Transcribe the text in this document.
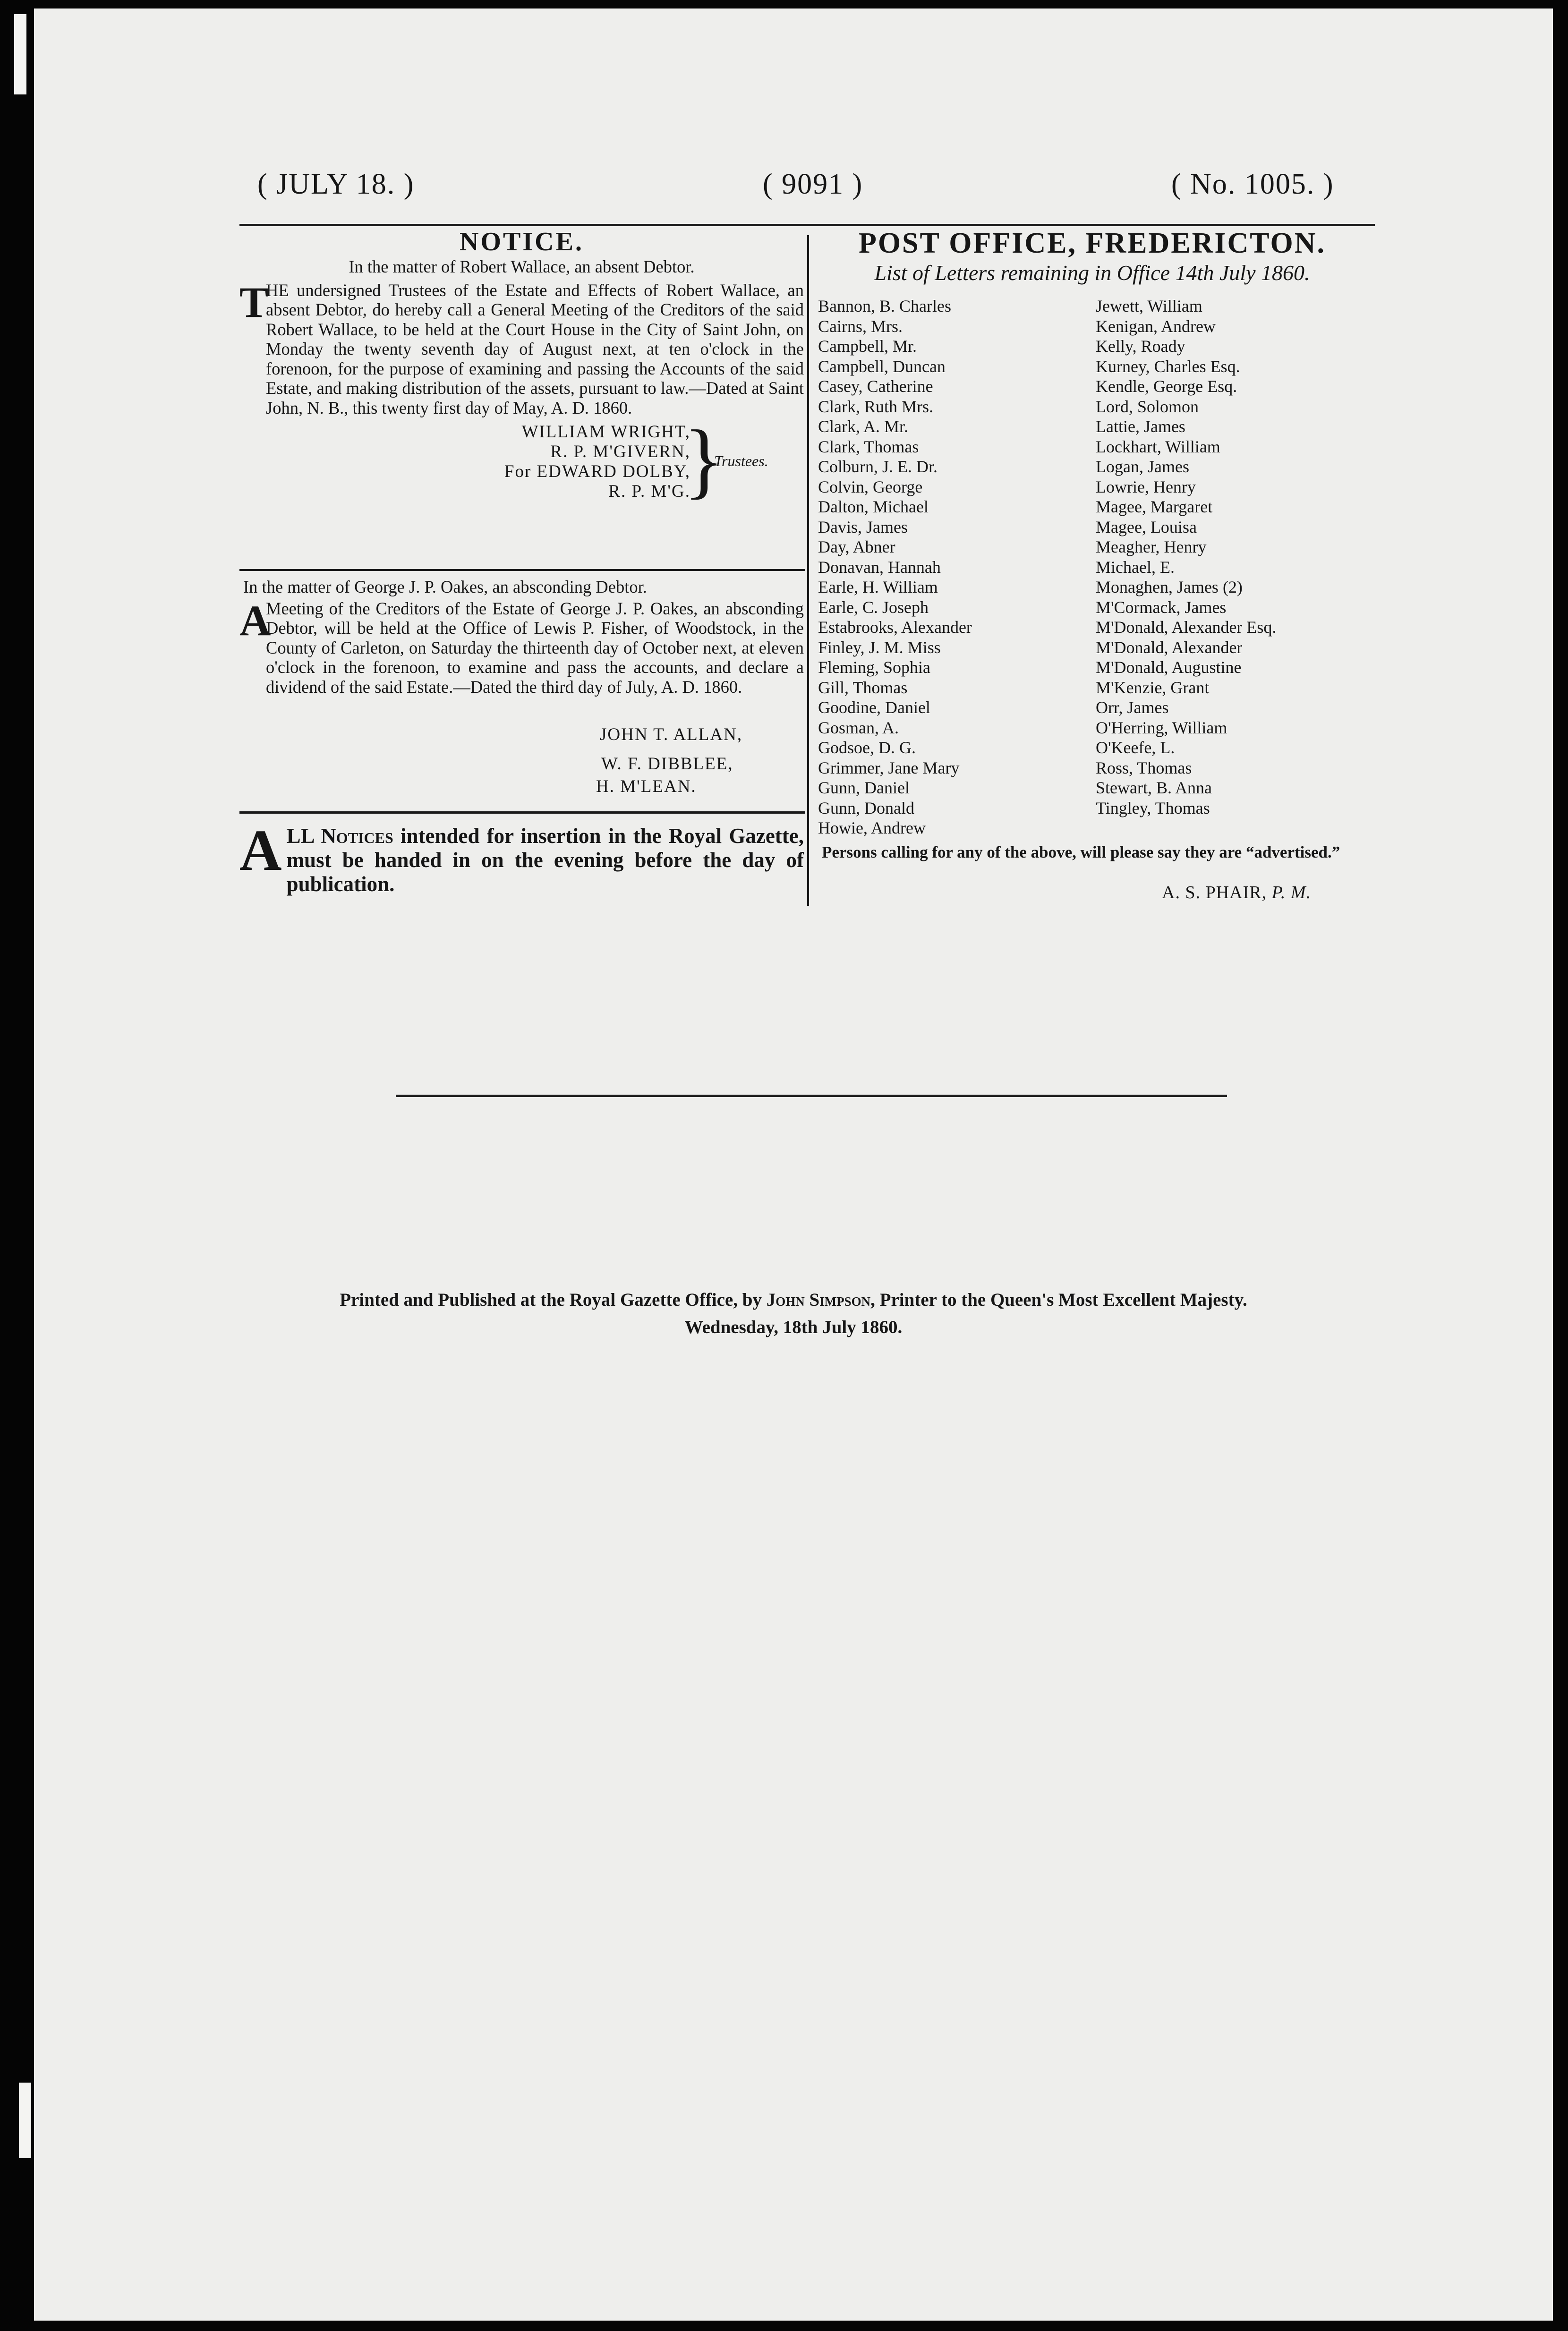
( JULY 18. )	( 9091 )	( No. 1005. )
NOTICE.
In the matter of Robert Wallace, an absent Debtor.
T
HE undersigned Trustees of the Estate and Effects of Robert Wallace, an absent Debtor, do hereby call a General Meeting of the Creditors of the said Robert Wallace, to be held at the Court House in the City of Saint John, on Monday the twenty seventh day of August next, at ten o'clock in the forenoon, for the purpose of examining and passing the Accounts of the said Estate, and making distribution of the assets, pursuant to law.—Dated at Saint John, N. B., this twenty first day of May, A. D. 1860.
WILLIAM WRIGHT,
R. P. M'GIVERN,
For EDWARD DOLBY,
R. P. M'G.
}
Trustees.
In the matter of George J. P. Oakes, an absconding Debtor.
A
Meeting of the Creditors of the Estate of George J. P. Oakes, an absconding Debtor, will be held at the Office of Lewis P. Fisher, of Woodstock, in the County of Carleton, on Saturday the thirteenth day of October next, at eleven o'clock in the forenoon, to examine and pass the accounts, and declare a dividend of the said Estate.—Dated the third day of July, A. D. 1860.
JOHN T. ALLAN,
W. F. DIBBLEE,
H. M'LEAN.
A LL Notices intended for insertion in the Royal Gazette, must be handed in on the evening before the day of publication.
POST OFFICE, FREDERICTON.
List of Letters remaining in Office 14th July 1860.
Bannon, B. Charles
Cairns, Mrs.
Campbell, Mr.
Campbell, Duncan
Casey, Catherine
Clark, Ruth Mrs.
Clark, A. Mr.
Clark, Thomas
Colburn, J. E. Dr.
Colvin, George
Dalton, Michael
Davis, James
Day, Abner
Donavan, Hannah
Earle, H. William
Earle, C. Joseph
Estabrooks, Alexander
Finley, J. M. Miss
Fleming, Sophia
Gill, Thomas
Goodine, Daniel
Gosman, A.
Godsoe, D. G.
Grimmer, Jane Mary
Gunn, Daniel
Gunn, Donald
Howie, Andrew
Jewett, William
Kenigan, Andrew
Kelly, Roady
Kurney, Charles Esq.
Kendle, George Esq.
Lord, Solomon
Lattie, James
Lockhart, William
Logan, James
Lowrie, Henry
Magee, Margaret
Magee, Louisa
Meagher, Henry
Michael, E.
Monaghen, James (2)
M'Cormack, James
M'Donald, Alexander Esq.
M'Donald, Alexander
M'Donald, Augustine
M'Kenzie, Grant
Orr, James
O'Herring, William
O'Keefe, L.
Ross, Thomas
Stewart, B. Anna
Tingley, Thomas
Persons calling for any of the above, will please say they are “advertised.”
A. S. PHAIR, P. M.
Printed and Published at the Royal Gazette Office, by John Simpson, Printer to the Queen's Most Excellent Majesty.
Wednesday, 18th July 1860.
